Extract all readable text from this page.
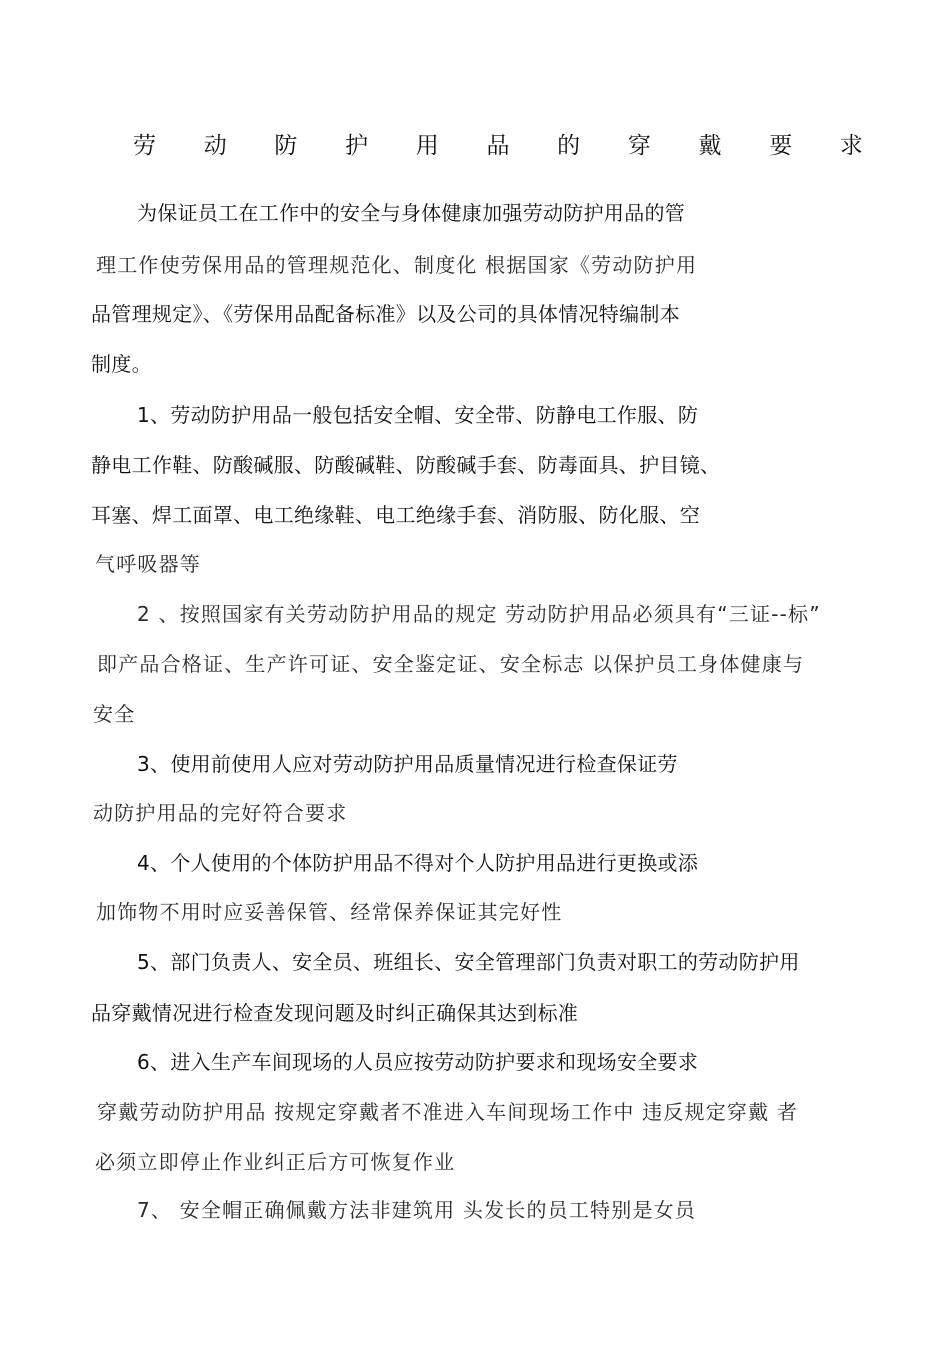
劳 动 防 护 用 品 的 穿 戴 要 求
为保证员工在工作中的安全与身体健康加强劳动防护用品的管
理工作使劳保用品的管理规范化、制度化 根据国家《劳动防护用
品管理规定》、《劳保用品配备标准》以及公司的具体情况特编制本
制度。
1、劳动防护用品一般包括安全帽、安全带、防静电工作服、防
静电工作鞋、防酸碱服、防酸碱鞋、防酸碱手套、防毒面具、护目镜、
耳塞、焊工面罩、电工绝缘鞋、电工绝缘手套、消防服、防化服、空
气呼吸器等
2 、按照国家有关劳动防护用品的规定 劳动防护用品必须具有“三证--标”
即产品合格证、生产许可证、安全鉴定证、安全标志 以保护员工身体健康与
安全
3、使用前使用人应对劳动防护用品质量情况进行检查保证劳
动防护用品的完好符合要求
4、个人使用的个体防护用品不得对个人防护用品进行更换或添
加饰物不用时应妥善保管、经常保养保证其完好性
5、部门负责人、安全员、班组长、安全管理部门负责对职工的劳动防护用
品穿戴情况进行检查发现问题及时纠正确保其达到标准
6、进入生产车间现场的人员应按劳动防护要求和现场安全要求
穿戴劳动防护用品 按规定穿戴者不准进入车间现场工作中 违反规定穿戴 者
必须立即停止作业纠正后方可恢复作业
7、 安全帽正确佩戴方法非建筑用 头发长的员工特别是女员
